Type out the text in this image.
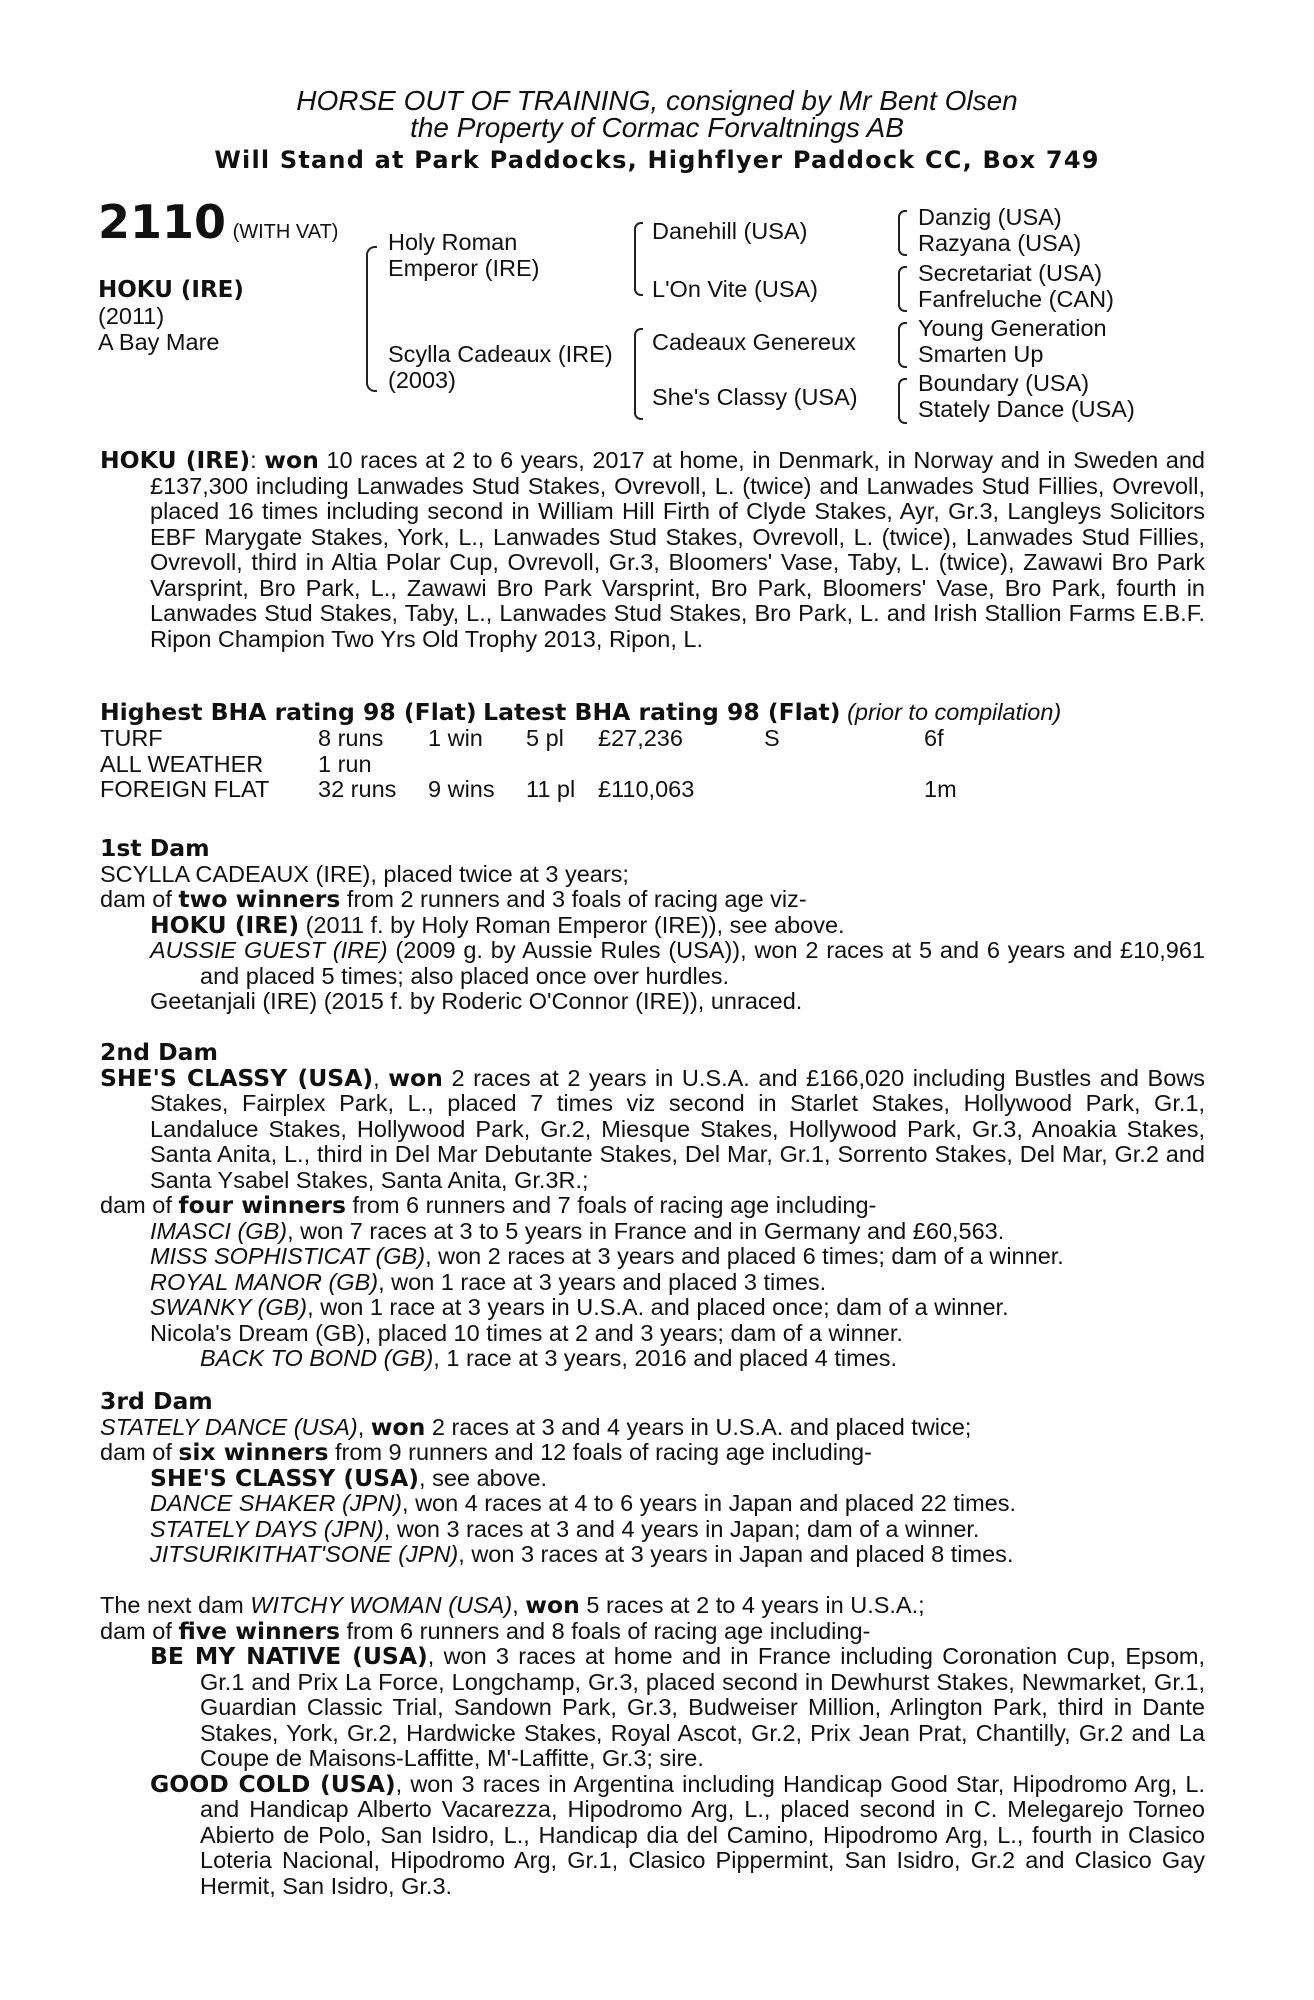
HORSE OUT OF TRAINING, consigned by Mr Bent Olsen
the Property of Cormac Forvaltnings AB
Will Stand at Park Paddocks, Highflyer Paddock CC, Box 749
2110 (WITH VAT)
HOKU (IRE)
(2011)
A Bay Mare
Holy Roman
Emperor (IRE)
Scylla Cadeaux (IRE)
(2003)
Danehill (USA)
L'On Vite (USA)
Cadeaux Genereux
She's Classy (USA)
Danzig (USA)
Razyana (USA)
Secretariat (USA)
Fanfreluche (CAN)
Young Generation
Smarten Up
Boundary (USA)
Stately Dance (USA)

HOKU (IRE): won 10 races at 2 to 6 years, 2017 at home, in Denmark, in Norway and in Sweden and £137,300 including Lanwades Stud Stakes, Ovrevoll, L. (twice) and Lanwades Stud Fillies, Ovrevoll, placed 16 times including second in William Hill Firth of Clyde Stakes, Ayr, Gr.3, Langleys Solicitors EBF Marygate Stakes, York, L., Lanwades Stud Stakes, Ovrevoll, L. (twice), Lanwades Stud Fillies, Ovrevoll, third in Altia Polar Cup, Ovrevoll, Gr.3, Bloomers' Vase, Taby, L. (twice), Zawawi Bro Park Varsprint, Bro Park, L., Zawawi Bro Park Varsprint, Bro Park, Bloomers' Vase, Bro Park, fourth in Lanwades Stud Stakes, Taby, L., Lanwades Stud Stakes, Bro Park, L. and Irish Stallion Farms E.B.F. Ripon Champion Two Yrs Old Trophy 2013, Ripon, L.

Highest BHA rating 98 (Flat) Latest BHA rating 98 (Flat) (prior to compilation)
TURF	8 runs	1 win	5 pl	£27,236	S	6f
ALL WEATHER	1 run					
FOREIGN FLAT	32 runs	9 wins	11 pl	£110,063		1m

1st Dam

SCYLLA CADEAUX (IRE), placed twice at 3 years;

dam of two winners from 2 runners and 3 foals of racing age viz-

HOKU (IRE) (2011 f. by Holy Roman Emperor (IRE)), see above.

AUSSIE GUEST (IRE) (2009 g. by Aussie Rules (USA)), won 2 races at 5 and 6 years and £10,961 and placed 5 times; also placed once over hurdles.

Geetanjali (IRE) (2015 f. by Roderic O'Connor (IRE)), unraced.

2nd Dam

SHE'S CLASSY (USA), won 2 races at 2 years in U.S.A. and £166,020 including Bustles and Bows Stakes, Fairplex Park, L., placed 7 times viz second in Starlet Stakes, Hollywood Park, Gr.1, Landaluce Stakes, Hollywood Park, Gr.2, Miesque Stakes, Hollywood Park, Gr.3, Anoakia Stakes, Santa Anita, L., third in Del Mar Debutante Stakes, Del Mar, Gr.1, Sorrento Stakes, Del Mar, Gr.2 and Santa Ysabel Stakes, Santa Anita, Gr.3R.;

dam of four winners from 6 runners and 7 foals of racing age including-

IMASCI (GB), won 7 races at 3 to 5 years in France and in Germany and £60,563.

MISS SOPHISTICAT (GB), won 2 races at 3 years and placed 6 times; dam of a winner.

ROYAL MANOR (GB), won 1 race at 3 years and placed 3 times.

SWANKY (GB), won 1 race at 3 years in U.S.A. and placed once; dam of a winner.

Nicola's Dream (GB), placed 10 times at 2 and 3 years; dam of a winner.

BACK TO BOND (GB), 1 race at 3 years, 2016 and placed 4 times.

3rd Dam

STATELY DANCE (USA), won 2 races at 3 and 4 years in U.S.A. and placed twice;

dam of six winners from 9 runners and 12 foals of racing age including-

SHE'S CLASSY (USA), see above.

DANCE SHAKER (JPN), won 4 races at 4 to 6 years in Japan and placed 22 times.

STATELY DAYS (JPN), won 3 races at 3 and 4 years in Japan; dam of a winner.

JITSURIKITHAT'SONE (JPN), won 3 races at 3 years in Japan and placed 8 times.

The next dam WITCHY WOMAN (USA), won 5 races at 2 to 4 years in U.S.A.;

dam of five winners from 6 runners and 8 foals of racing age including-

BE MY NATIVE (USA), won 3 races at home and in France including Coronation Cup, Epsom, Gr.1 and Prix La Force, Longchamp, Gr.3, placed second in Dewhurst Stakes, Newmarket, Gr.1, Guardian Classic Trial, Sandown Park, Gr.3, Budweiser Million, Arlington Park, third in Dante Stakes, York, Gr.2, Hardwicke Stakes, Royal Ascot, Gr.2, Prix Jean Prat, Chantilly, Gr.2 and La Coupe de Maisons-Laffitte, M'-Laffitte, Gr.3; sire.

GOOD COLD (USA), won 3 races in Argentina including Handicap Good Star, Hipodromo Arg, L. and Handicap Alberto Vacarezza, Hipodromo Arg, L., placed second in C. Melegarejo Torneo Abierto de Polo, San Isidro, L., Handicap dia del Camino, Hipodromo Arg, L., fourth in Clasico Loteria Nacional, Hipodromo Arg, Gr.1, Clasico Pippermint, San Isidro, Gr.2 and Clasico Gay Hermit, San Isidro, Gr.3.
